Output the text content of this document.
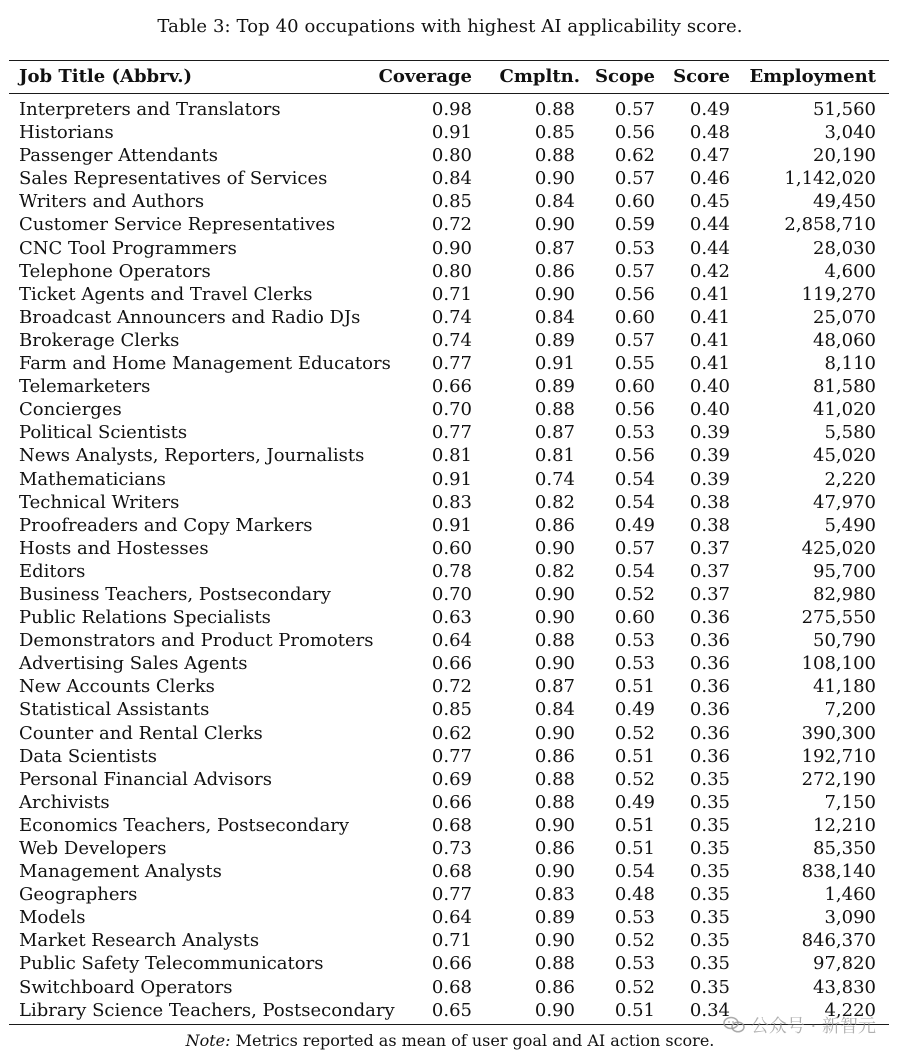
Table 3: Top 40 occupations with highest AI applicability score.
Job Title (Abbrv.)	Coverage Cmpltn. Scope Score Employment
Interpreters and Translators	0.98	0.88 0.57 0.49	51,560
Historians	0.91	0.85 0.56 0.48	3,040
Passenger Attendants	0.80	0.88 0.62 0.47	20,190
Sales Representatives of Services	0.84	0.90 0.57 0.46	1,142,020
Writers and Authors	0.85	0.84 0.60 0.45	49,450
Customer Service Representatives	0.72	0.90 0.59 0.44	2,858,710
CNC Tool Programmers	0.90	0.87 0.53 0.44	28,030
Telephone Operators	0.80	0.86 0.57 0.42	4,600
Ticket Agents and Travel Clerks	0.71	0.90 0.56 0.41	119,270
Broadcast Announcers and Radio DJs	0.74	0.84 0.60 0.41	25,070
Brokerage Clerks	0.74	0.89 0.57 0.41	48,060
Farm and Home Management Educators 0.77	0.91 0.55 0.41	8,110
Telemarketers	0.66	0.89 0.60 0.40	81,580
Concierges	0.70	0.88 0.56 0.40	41,020
Political Scientists	0.77	0.87 0.53 0.39	5,580
News Analysts, Reporters, Journalists	0.81	0.81 0.56 0.39	45,020
Mathematicians	0.91	0.74 0.54 0.39	2,220
Technical Writers	0.83	0.82 0.54 0.38	47,970
Proofreaders and Copy Markers	0.91	0.86 0.49 0.38	5,490
Hosts and Hostesses	0.60	0.90 0.57 0.37	425,020
Editors	0.78	0.82 0.54 0.37	95,700
Business Teachers, Postsecondary	0.70	0.90 0.52 0.37	82,980
Public Relations Specialists	0.63	0.90 0.60 0.36	275,550
Demonstrators and Product Promoters	0.64	0.88 0.53 0.36	50,790
Advertising Sales Agents	0.66	0.90 0.53 0.36	108,100
New Accounts Clerks	0.72	0.87 0.51 0.36	41,180
Statistical Assistants	0.85	0.84 0.49 0.36	7,200
Counter and Rental Clerks	0.62	0.90 0.52 0.36	390,300
Data Scientists	0.77	0.86 0.51 0.36	192,710
Personal Financial Advisors	0.69	0.88 0.52 0.35	272,190
Archivists	0.66	0.88 0.49 0.35	7,150
Economics Teachers, Postsecondary	0.68	0.90 0.51 0.35	12,210
Web Developers	0.73	0.86 0.51 0.35	85,350
Management Analysts	0.68	0.90 0.54 0.35	838,140
Geographers	0.77	0.83 0.48 0.35	1,460
Models	0.64	0.89 0.53 0.35	3,090
Market Research Analysts	0.71	0.90 0.52 0.35	846,370
Public Safety Telecommunicators	0.66	0.88 0.53 0.35	97,820
Switchboard Operators	0.68	0.86 0.52 0.35	43,830
Library Science Teachers, Postsecondary 0.65	0.90 0.51 0.34	4,220
Note: Metrics reported as mean of user goal and AI action score.
公众号 · 新智元
